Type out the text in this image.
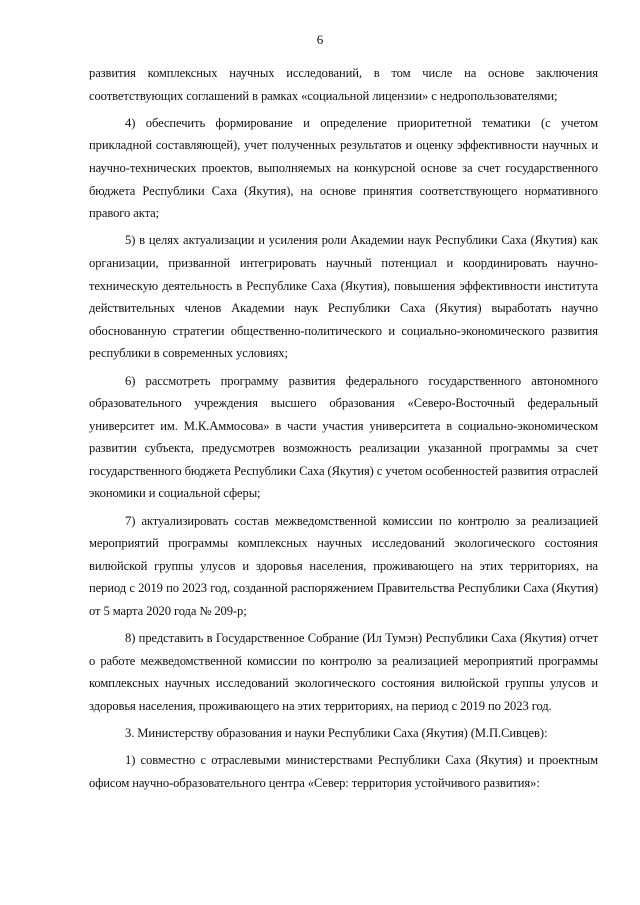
6

развития комплексных научных исследований, в том числе на основе заключения соответствующих соглашений в рамках «социальной лицензии» с недропользователями;

4) обеспечить формирование и определение приоритетной тематики (с учетом прикладной составляющей), учет полученных результатов и оценку эффективности научных и научно-технических проектов, выполняемых на конкурсной основе за счет государственного бюджета Республики Саха (Якутия), на основе принятия соответствующего нормативного правого акта;

5) в целях актуализации и усиления роли Академии наук Республики Саха (Якутия) как организации, призванной интегрировать научный потенциал и координировать научно-техническую деятельность в Республике Саха (Якутия), повышения эффективности института действительных членов Академии наук Республики Саха (Якутия) выработать научно обоснованную стратегии общественно-политического и социально-экономического развития республики в современных условиях;

6) рассмотреть программу развития федерального государственного автономного образовательного учреждения высшего образования «Северо-Восточный федеральный университет им. М.К.Аммосова» в части участия университета в социально-экономическом развитии субъекта, предусмотрев возможность реализации указанной программы за счет государственного бюджета Республики Саха (Якутия) с учетом особенностей развития отраслей экономики и социальной сферы;

7) актуализировать состав межведомственной комиссии по контролю за реализацией мероприятий программы комплексных научных исследований экологического состояния вилюйской группы улусов и здоровья населения, проживающего на этих территориях, на период с 2019 по 2023 год, созданной распоряжением Правительства Республики Саха (Якутия) от 5 марта 2020 года № 209-р;

8) представить в Государственное Собрание (Ил Тумэн) Республики Саха (Якутия) отчет о работе межведомственной комиссии по контролю за реализацией мероприятий программы комплексных научных исследований экологического состояния вилюйской группы улусов и здоровья населения, проживающего на этих территориях, на период с 2019 по 2023 год.

3. Министерству образования и науки Республики Саха (Якутия) (М.П.Сивцев):

1) совместно с отраслевыми министерствами Республики Саха (Якутия) и проектным офисом научно-образовательного центра «Север: территория устойчивого развития»:
